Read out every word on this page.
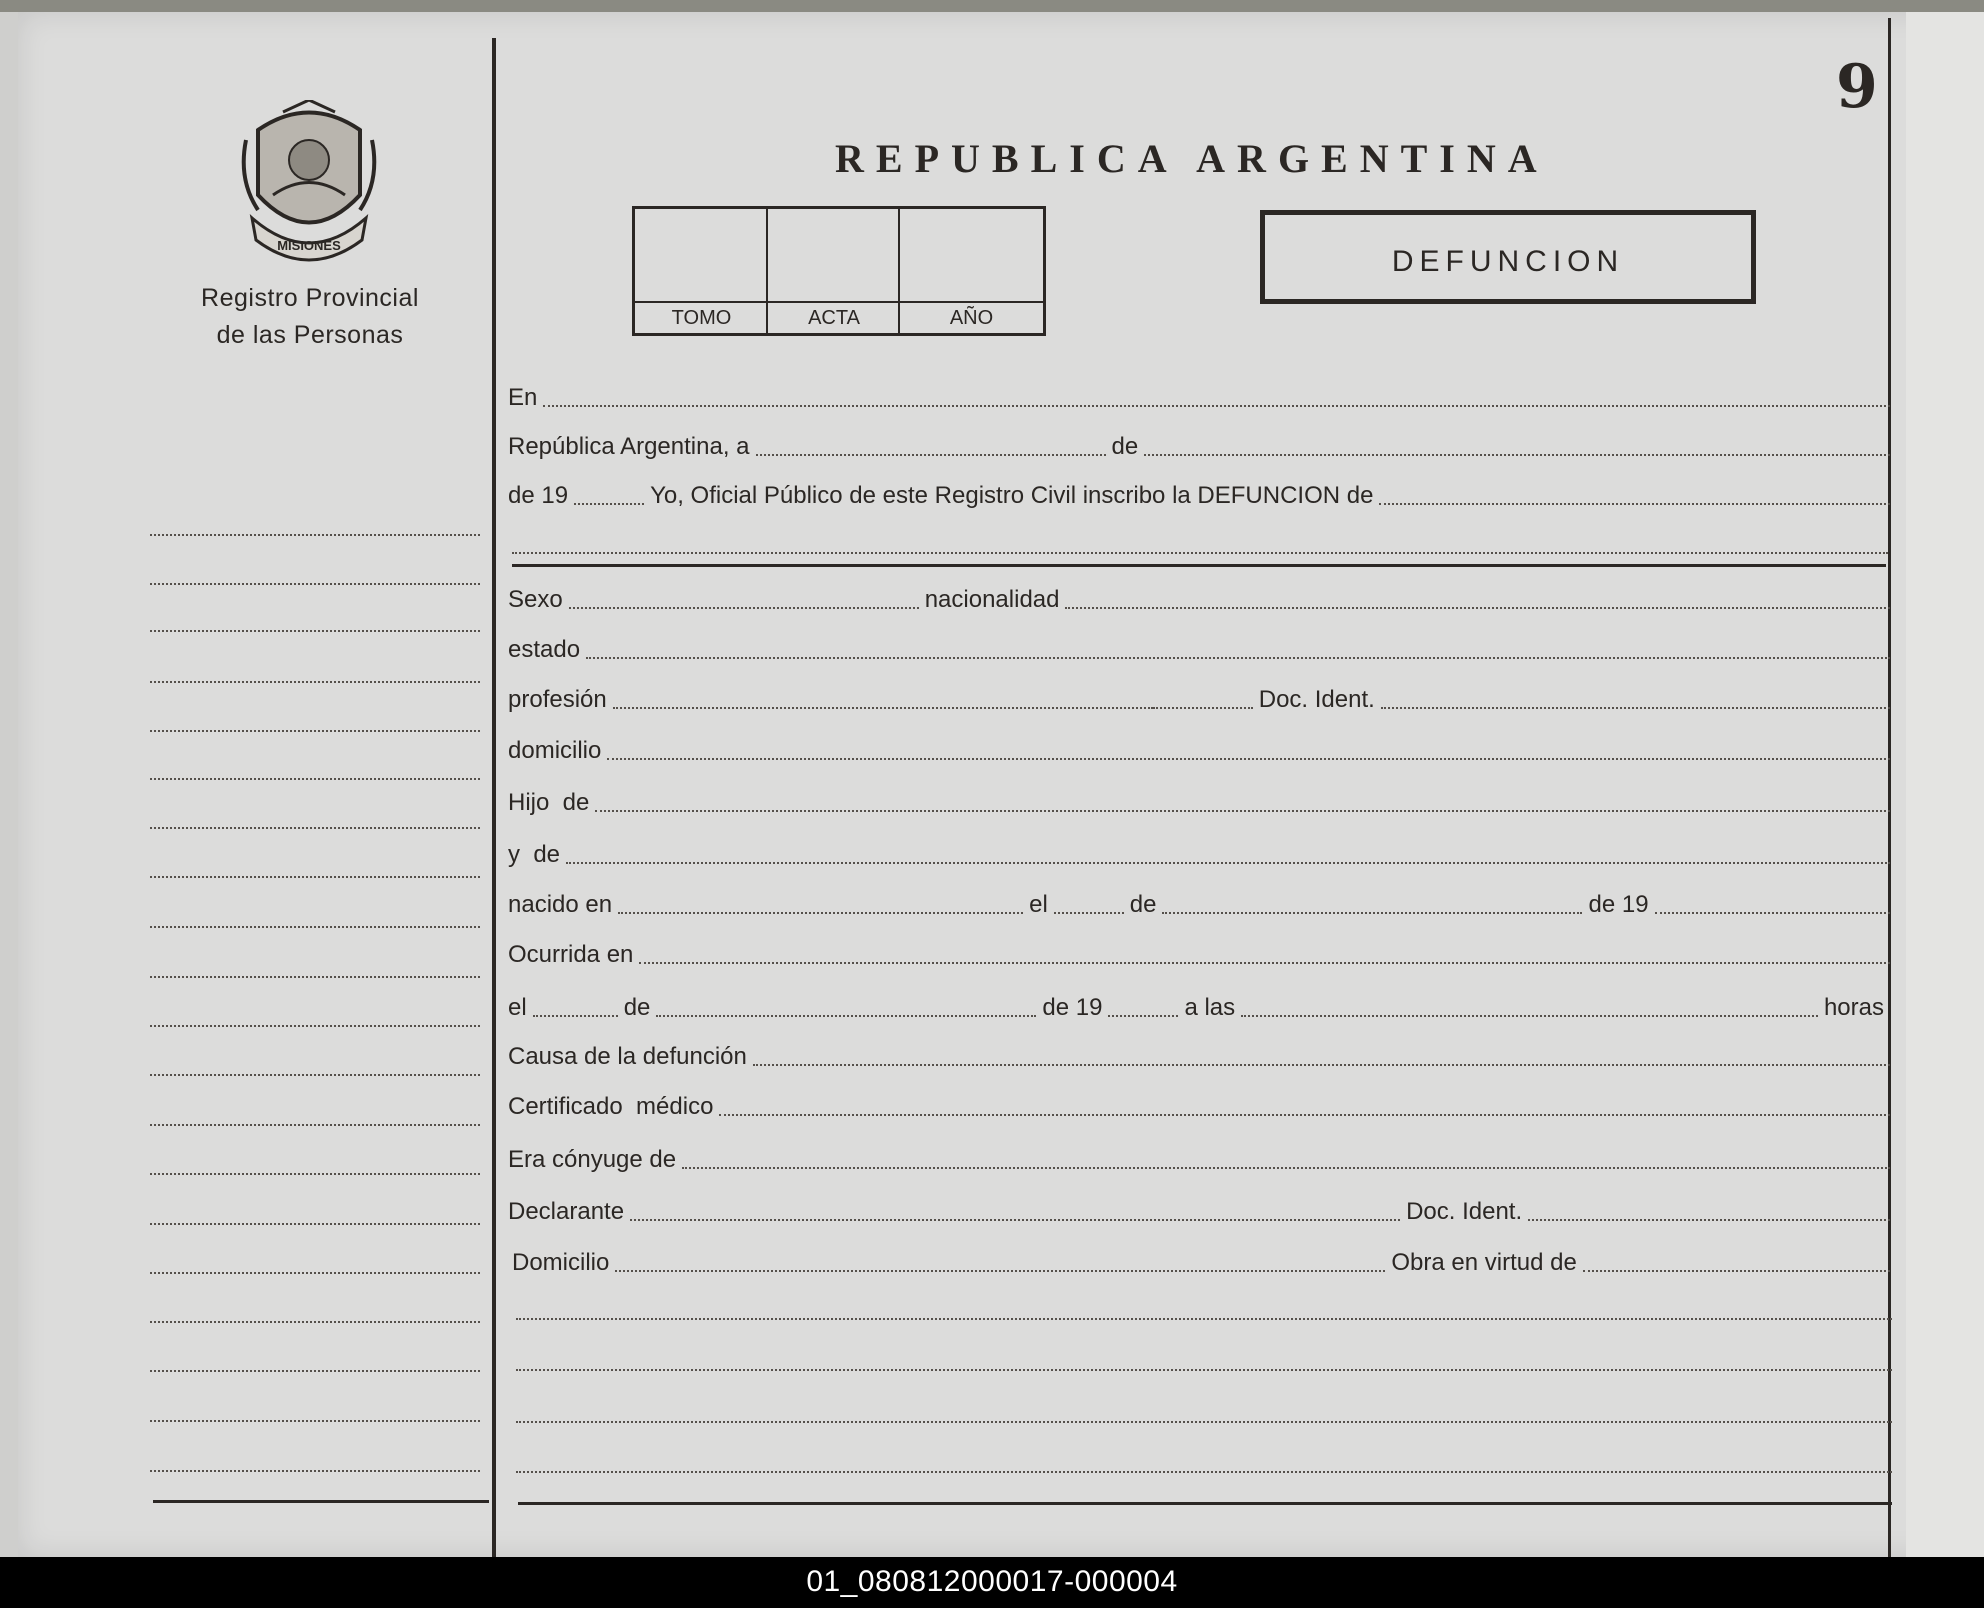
MISIONES
Registro Provincial
de las Personas
9
REPUBLICA ARGENTINA
TOMO	ACTA	AÑO
DEFUNCION
En
República Argentina, a	de
de 19	Yo, Oficial Público de este Registro Civil inscribo la DEFUNCION de
Sexo	nacionalidad
estado
profesión	Doc. Ident.
domicilio
Hijo  de
y  de
nacido en	el	de	de 19
Ocurrida en
el	de	de 19	a las	horas
Causa de la defunción
Certificado  médico
Era cónyuge de
Declarante	Doc. Ident.
Domicilio	Obra en virtud de
01_080812000017-000004
